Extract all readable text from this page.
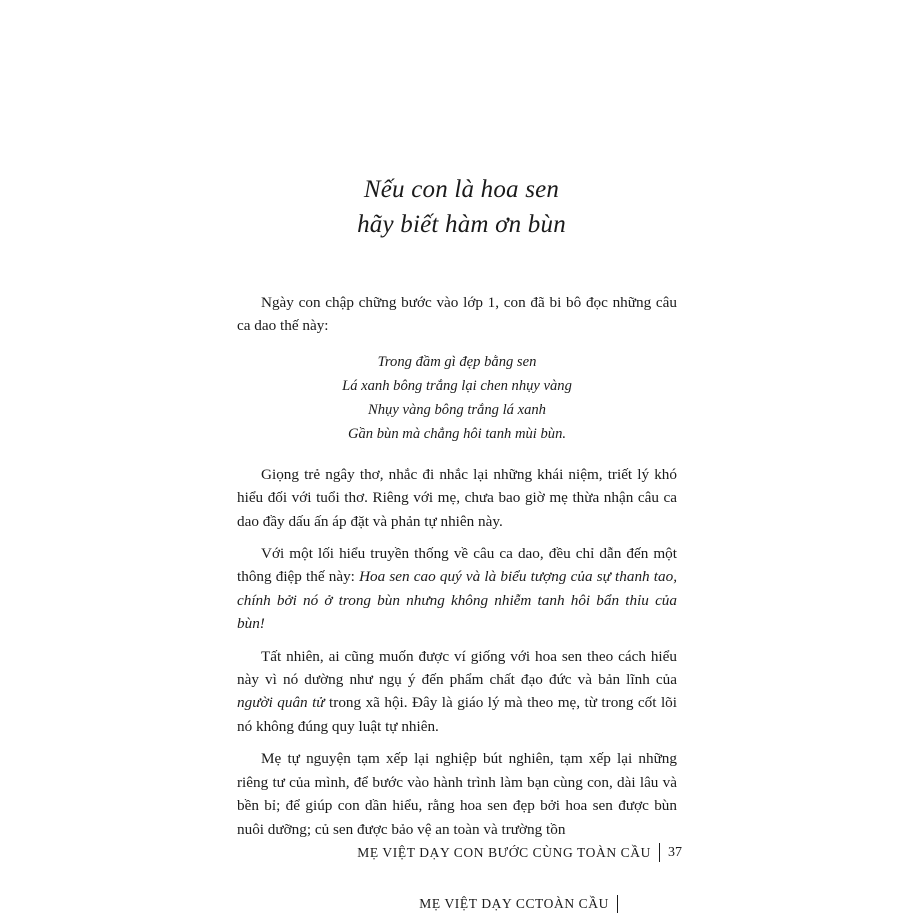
Nếu con là hoa sen
hãy biết hàm ơn bùn

Ngày con chập chững bước vào lớp 1, con đã bi bô đọc những câu ca dao thế này:

Trong đầm gì đẹp bằng sen
Lá xanh bông trắng lại chen nhụy vàng
Nhụy vàng bông trắng lá xanh
Gần bùn mà chẳng hôi tanh mùi bùn.

Giọng trẻ ngây thơ, nhắc đi nhắc lại những khái niệm, triết lý khó hiểu đối với tuổi thơ. Riêng với mẹ, chưa bao giờ mẹ thừa nhận câu ca dao đầy dấu ấn áp đặt và phản tự nhiên này.

Với một lối hiểu truyền thống về câu ca dao, đều chỉ dẫn đến một thông điệp thế này: Hoa sen cao quý và là biểu tượng của sự thanh tao, chính bởi nó ở trong bùn nhưng không nhiễm tanh hôi bẩn thỉu của bùn!

Tất nhiên, ai cũng muốn được ví giống với hoa sen theo cách hiểu này vì nó dường như ngụ ý đến phẩm chất đạo đức và bản lĩnh của người quân tử trong xã hội. Đây là giáo lý mà theo mẹ, từ trong cốt lõi nó không đúng quy luật tự nhiên.

Mẹ tự nguyện tạm xếp lại nghiệp bút nghiên, tạm xếp lại những riêng tư của mình, để bước vào hành trình làm bạn cùng con, dài lâu và bền bỉ; để giúp con dần hiểu, rằng hoa sen đẹp bởi hoa sen được bùn nuôi dưỡng; củ sen được bảo vệ an toàn và trường tồn

MẸ VIỆT DẠY CON BƯỚC CÙNG TOÀN CẦU 37
MẸ VIỆT DẠY CCTOÀN CẦU
